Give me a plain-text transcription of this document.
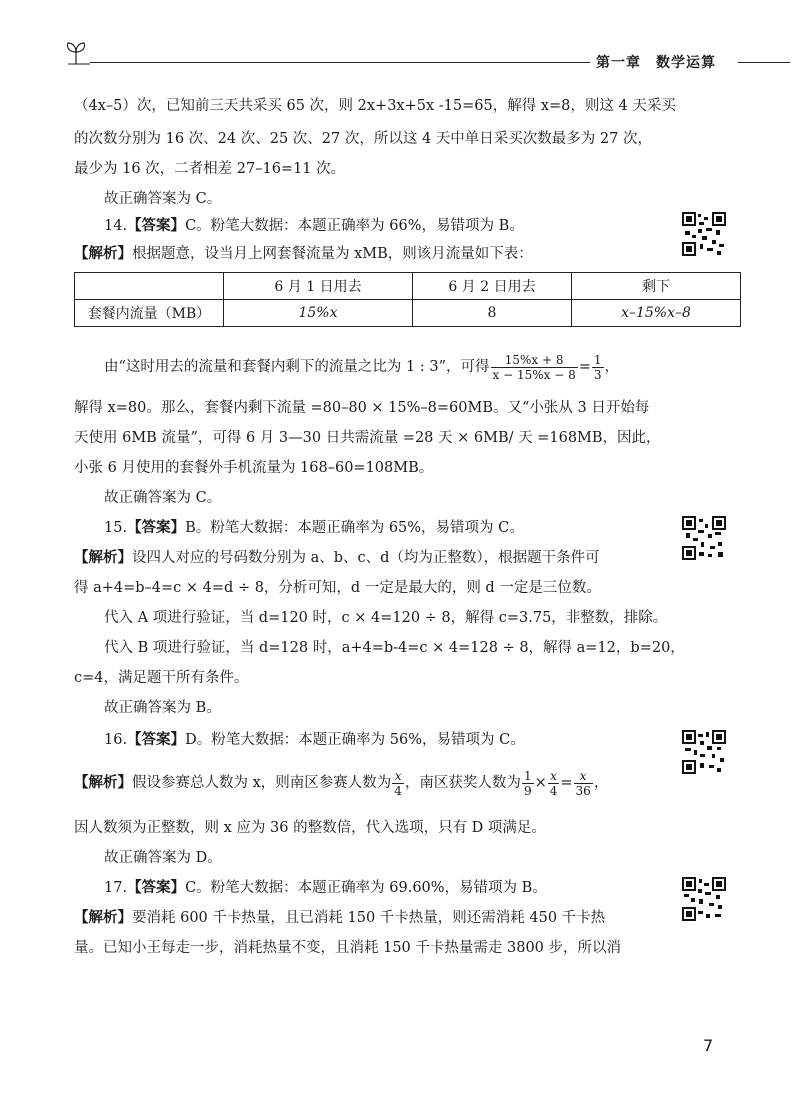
第一章　数学运算
（4x–5）次，已知前三天共采买 65 次，则 2x+3x+5x -15=65，解得 x=8，则这 4 天采买
的次数分别为 16 次、24 次、25 次、27 次，所以这 4 天中单日采买次数最多为 27 次，
最少为 16 次，二者相差 27–16=11 次。
故正确答案为 C。
14.【答案】C。粉笔大数据：本题正确率为 66%，易错项为 B。
【解析】根据题意，设当月上网套餐流量为 xMB，则该月流量如下表：
	6 月 1 日用去	6 月 2 日用去	剩下
套餐内流量（MB）	15%x	8	x–15%x–8
由“这时用去的流量和套餐内剩下的流量之比为 1 : 3”，可得 $\frac{15\%x + 8}{x - 15\%x - 8} = \frac{1}{3}$ ，
解得 x=80。那么，套餐内剩下流量 =80–80 × 15%–8=60MB。又“小张从 3 日开始每
天使用 6MB 流量”，可得 6 月 3—30 日共需流量 =28 天 × 6MB/ 天 =168MB，因此，
小张 6 月使用的套餐外手机流量为 168–60=108MB。
故正确答案为 C。
15.【答案】B。粉笔大数据：本题正确率为 65%，易错项为 C。
【解析】设四人对应的号码数分别为 a、b、c、d（均为正整数），根据题干条件可
得 a+4=b–4=c × 4=d ÷ 8，分析可知，d 一定是最大的，则 d 一定是三位数。
代入 A 项进行验证，当 d=120 时，c × 4=120 ÷ 8，解得 c=3.75，非整数，排除。
代入 B 项进行验证，当 d=128 时，a+4=b-4=c × 4=128 ÷ 8，解得 a=12，b=20，
c=4，满足题干所有条件。
故正确答案为 B。
16.【答案】D。粉笔大数据：本题正确率为 56%，易错项为 C。
【解析】假设参赛总人数为 x，则南区参赛人数为 $\frac{x}{4}$ ，南区获奖人数为 $\frac{1}{9} \times \frac{x}{4} = \frac{x}{36}$ ，
因人数须为正整数，则 x 应为 36 的整数倍，代入选项，只有 D 项满足。
故正确答案为 D。
17.【答案】C。粉笔大数据：本题正确率为 69.60%，易错项为 B。
【解析】要消耗 600 千卡热量，且已消耗 150 千卡热量，则还需消耗 450 千卡热
量。已知小王每走一步，消耗热量不变，且消耗 150 千卡热量需走 3800 步，所以消
7
